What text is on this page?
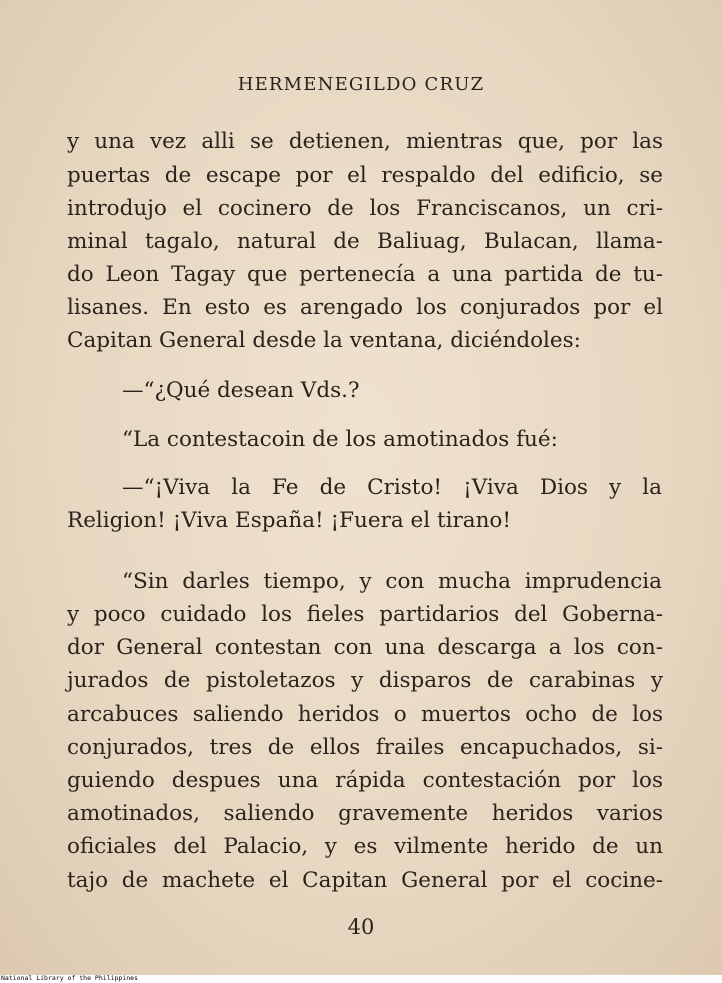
HERMENEGILDO CRUZ
y una vez alli se detienen, mientras que, por las
puertas de escape por el respaldo del edificio, se
introdujo el cocinero de los Franciscanos, un cri-
minal tagalo, natural de Baliuag, Bulacan, llama-
do Leon Tagay que pertenecía a una partida de tu-
lisanes. En esto es arengado los conjurados por el
Capitan General desde la ventana, diciéndoles:
—“¿Qué desean Vds.?
“La contestacoin de los amotinados fué:
—“¡Viva la Fe de Cristo! ¡Viva Dios y la
Religion! ¡Viva España! ¡Fuera el tirano!
“Sin darles tiempo, y con mucha imprudencia
y poco cuidado los fieles partidarios del Goberna-
dor General contestan con una descarga a los con-
jurados de pistoletazos y disparos de carabinas y
arcabuces saliendo heridos o muertos ocho de los
conjurados, tres de ellos frailes encapuchados, si-
guiendo despues una rápida contestación por los
amotinados, saliendo gravemente heridos varios
oficiales del Palacio, y es vilmente herido de un
tajo de machete el Capitan General por el cocine-
40
National Library of the Philippines
